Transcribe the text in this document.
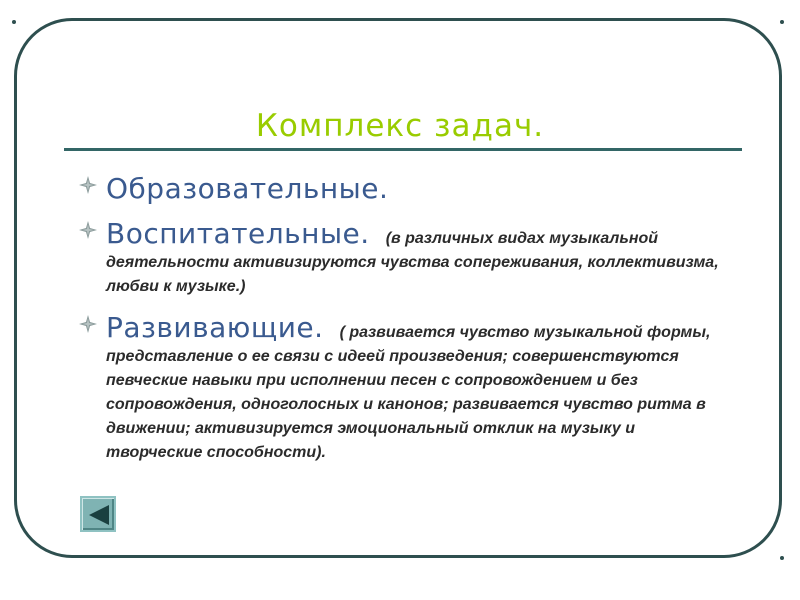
Комплекс задач.
Образовательные.
Воспитательные. (в различных видах музыкальной деятельности активизируются чувства сопереживания, коллективизма, любви к музыке.)
Развивающие. ( развивается чувство музыкальной формы, представление о ее связи с идеей произведения; совершенствуются певческие навыки при исполнении песен с сопровождением и без сопровождения, одноголосных и канонов; развивается чувство ритма в движении; активизируется эмоциональный отклик на музыку и творческие способности).
